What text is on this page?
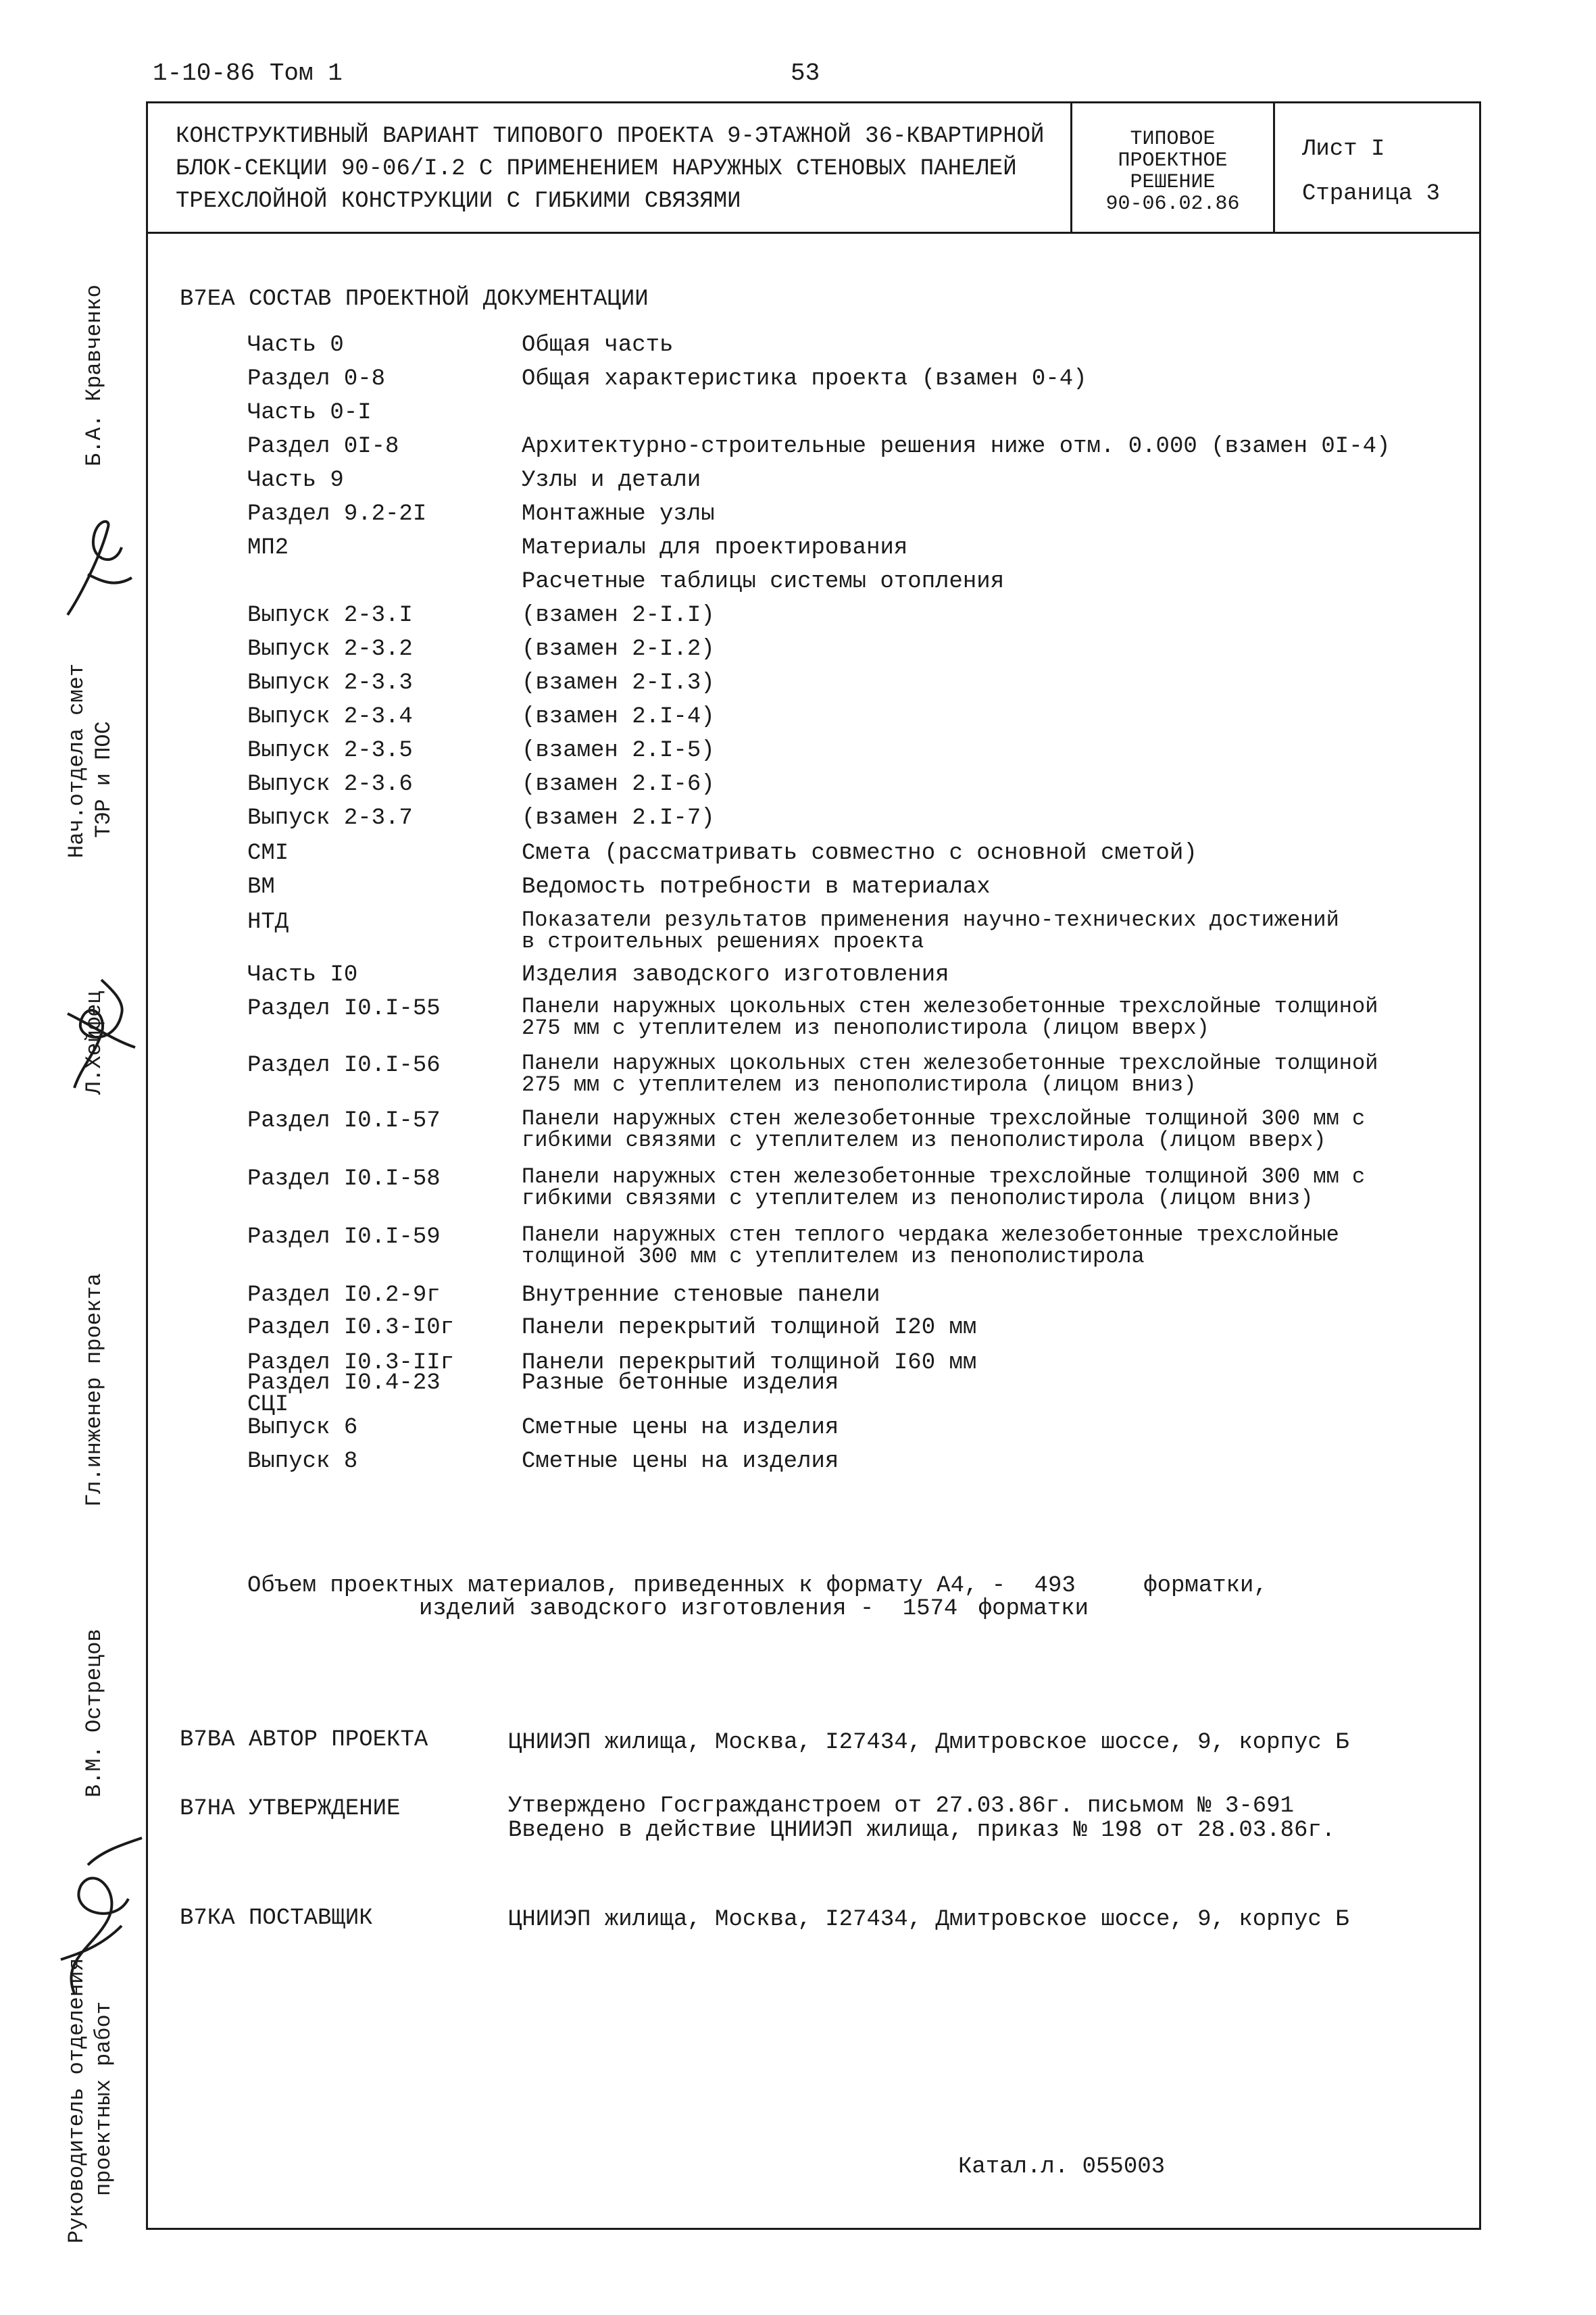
1-10-86 Том 1	53
КОНСТРУКТИВНЫЙ ВАРИАНТ ТИПОВОГО ПРОЕКТА 9-ЭТАЖНОЙ 36-КВАРТИРНОЙ
БЛОК-СЕКЦИИ 90-06/I.2 С ПРИМЕНЕНИЕМ НАРУЖНЫХ СТЕНОВЫХ ПАНЕЛЕЙ
ТРЕХСЛОЙНОЙ КОНСТРУКЦИИ С ГИБКИМИ СВЯЗЯМИ
ТИПОВОЕ
ПРОЕКТНОЕ
РЕШЕНИЕ
90-06.02.86
Лист I
Страница 3
В7ЕА СОСТАВ ПРОЕКТНОЙ ДОКУМЕНТАЦИИ
Часть 0	Общая часть
Раздел 0-8	Общая характеристика проекта (взамен 0-4)
Часть 0-I
Раздел 0I-8	Архитектурно-строительные решения ниже отм. 0.000 (взамен 0I-4)
Часть 9	Узлы и детали
Раздел 9.2-2I	Монтажные узлы
МП2	Материалы для проектирования
Расчетные таблицы системы отопления
Выпуск 2-3.I	(взамен 2-I.I)
Выпуск 2-3.2	(взамен 2-I.2)
Выпуск 2-3.3	(взамен 2-I.3)
Выпуск 2-3.4	(взамен 2.I-4)
Выпуск 2-3.5	(взамен 2.I-5)
Выпуск 2-3.6	(взамен 2.I-6)
Выпуск 2-3.7	(взамен 2.I-7)
СМI	Смета (рассматривать совместно с основной сметой)
ВМ	Ведомость потребности в материалах
НТД	Показатели результатов применения научно-технических достижений
в строительных решениях проекта
Часть I0	Изделия заводского изготовления
Раздел I0.I-55	Панели наружных цокольных стен железобетонные трехслойные толщиной
275 мм с утеплителем из пенополистирола (лицом вверх)
Раздел I0.I-56	Панели наружных цокольных стен железобетонные трехслойные толщиной
275 мм с утеплителем из пенополистирола (лицом вниз)
Раздел I0.I-57	Панели наружных стен железобетонные трехслойные толщиной 300 мм с
гибкими связями с утеплителем из пенополистирола (лицом вверх)
Раздел I0.I-58	Панели наружных стен железобетонные трехслойные толщиной 300 мм с
гибкими связями с утеплителем из пенополистирола (лицом вниз)
Раздел I0.I-59	Панели наружных стен теплого чердака железобетонные трехслойные
толщиной 300 мм с утеплителем из пенополистирола
Раздел I0.2-9г	Внутренние стеновые панели
Раздел I0.3-I0г	Панели перекрытий толщиной I20 мм
Раздел I0.3-IIг	Панели перекрытий толщиной I60 мм
Раздел I0.4-23	Разные бетонные изделия
СЦI
Выпуск 6	Сметные цены на изделия
Выпуск 8	Сметные цены на изделия
Объем проектных материалов, приведенных к формату А4, - 493	форматки,
изделий заводского изготовления - 1574 форматки
В7ВА АВТОР ПРОЕКТА	ЦНИИЭП жилища, Москва, I27434, Дмитровское шоссе, 9, корпус Б
В7НА УТВЕРЖДЕНИЕ	Утверждено Госгражданстроем от 27.03.86г. письмом № 3-691
Введено в действие ЦНИИЭП жилища, приказ № 198 от 28.03.86г.
В7КА ПОСТАВЩИК	ЦНИИЭП жилища, Москва, I27434, Дмитровское шоссе, 9, корпус Б
Катал.л. 055003
Б.А. Кравченко
Нач.отдела смет ТЭР и ПОС
Л.Хейфец
Гл.инженер проекта
В.М. Острецов
Руководитель отделения проектных работ
